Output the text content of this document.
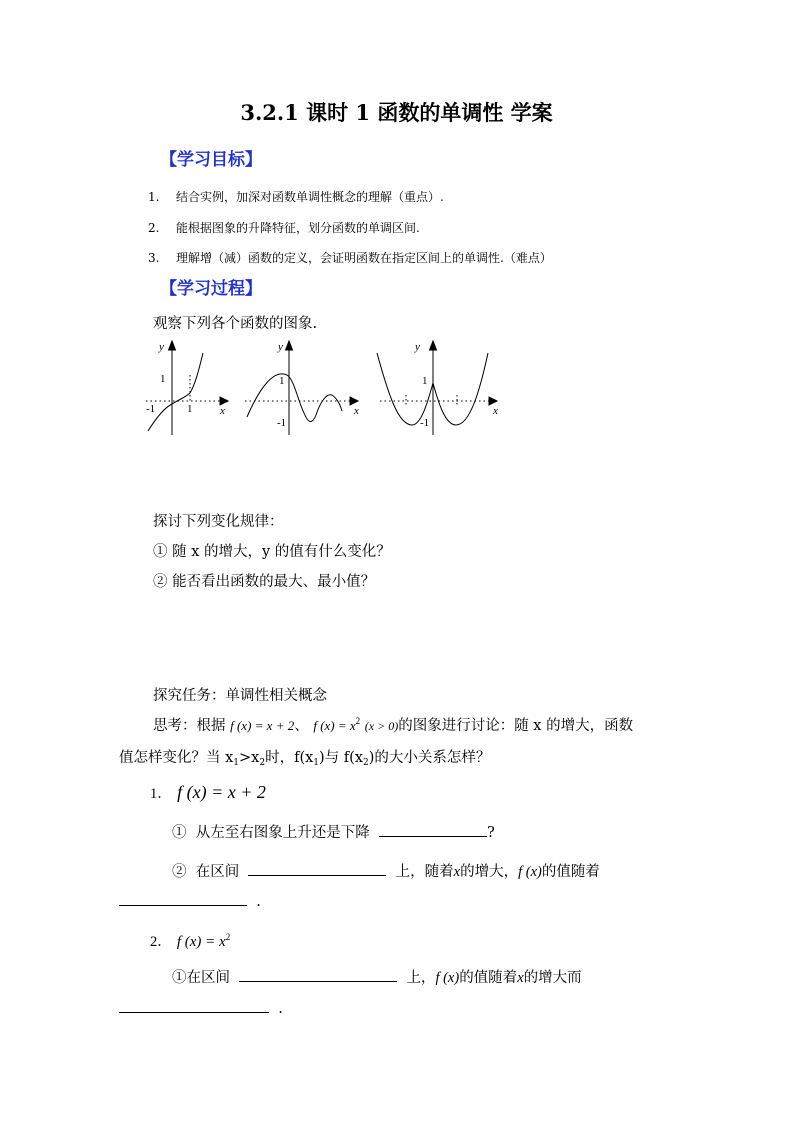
3.2.1 课时 1 函数的单调性 学案
【学习目标】
1. 结合实例，加深对函数单调性概念的理解（重点）.
2. 能根据图象的升降特征，划分函数的单调区间.
3. 理解增（减）函数的定义，会证明函数在指定区间上的单调性.（难点）
【学习过程】
观察下列各个函数的图象.
y
1
-1	1	x
y
1
-1
x
y
1
-1
x
探讨下列变化规律：
① 随 x 的增大，y 的值有什么变化？
② 能否看出函数的最大、最小值？
探究任务：单调性相关概念
思考：根据 f (x) = x + 2、 f $(x) = x^2$ (x > 0)的图象进行讨论：随 x 的增大，函数
值怎样变化？当 $x_1>x_2$时，$f(x_1)$与 $f(x_2)$的大小关系怎样？
1． f (x) = x + 2
① 从左至右图象上升还是下降	?
② 在区间	上，随着x的增大，f (x)的值随着
.
2． f $(x) = x^2$
①在区间	上，f (x)的值随着x的增大而
.
